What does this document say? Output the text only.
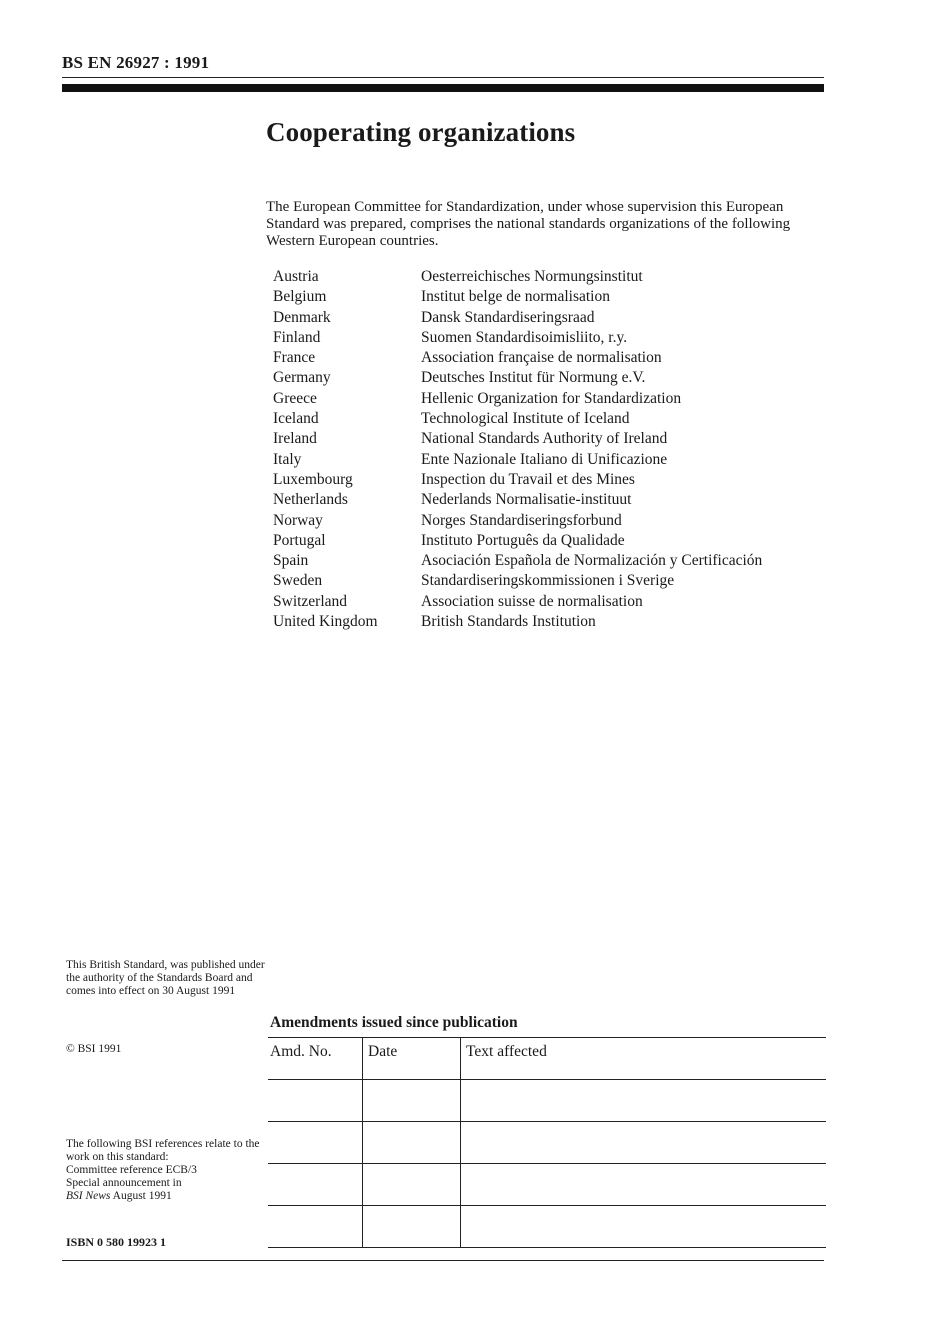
BS EN 26927 : 1991
Cooperating organizations

The European Committee for Standardization, under whose supervision this European Standard was prepared, comprises the national standards organizations of the following Western European countries.

Austria	Oesterreichisches Normungsinstitut
Belgium	Institut belge de normalisation
Denmark	Dansk Standardiseringsraad
Finland	Suomen Standardisoimisliito, r.y.
France	Association française de normalisation
Germany	Deutsches Institut für Normung e.V.
Greece	Hellenic Organization for Standardization
Iceland	Technological Institute of Iceland
Ireland	National Standards Authority of Ireland
Italy	Ente Nazionale Italiano di Unificazione
Luxembourg	Inspection du Travail et des Mines
Netherlands	Nederlands Normalisatie-instituut
Norway	Norges Standardiseringsforbund
Portugal	Instituto Português da Qualidade
Spain	Asociación Española de Normalización y Certificación
Sweden	Standardiseringskommissionen i Sverige
Switzerland	Association suisse de normalisation
United Kingdom	British Standards Institution
This British Standard, was published under the authority of the Standards Board and comes into effect on 30 August 1991
© BSI 1991
The following BSI references relate to the work on this standard:
Committee reference ECB/3
Special announcement in
BSI News August 1991
ISBN 0 580 19923 1
Amendments issued since publication
Amd. No.	Date	Text affected
